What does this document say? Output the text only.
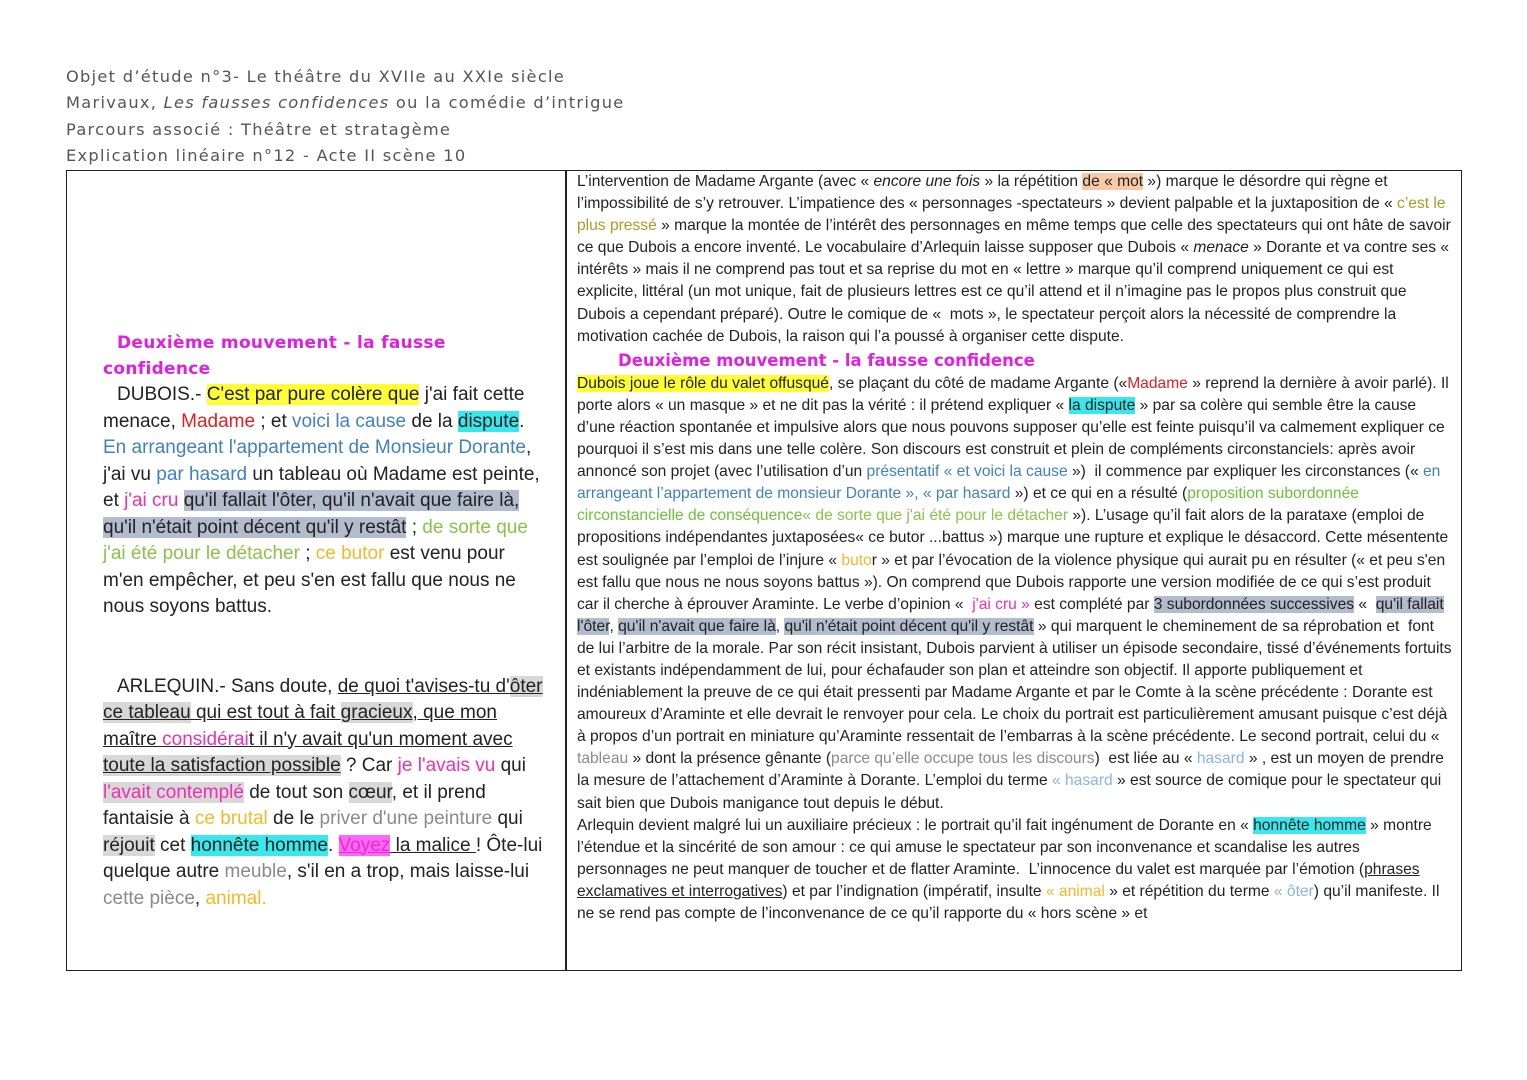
Objet d’étude n°3- Le théâtre du XVIIe au XXIe siècle
Marivaux, Les fausses confidences ou la comédie d’intrigue
Parcours associé : Théâtre et stratagème
Explication linéaire n°12 - Acte II scène 10
Deuxième mouvement - la fausse
confidence
DUBOIS.- C'est par pure colère que j'ai fait cette menace, Madame ; et voici la cause de la dispute. En arrangeant l'appartement de Monsieur Dorante, j'ai vu par hasard un tableau où Madame est peinte, et j'ai cru qu'il fallait l'ôter, qu'il n'avait que faire là, qu'il n'était point décent qu'il y restât ; de sorte que j'ai été pour le détacher ; ce butor est venu pour m'en empêcher, et peu s'en est fallu que nous ne nous soyons battus.
ARLEQUIN.- Sans doute, de quoi t'avises-tu d'ôter ce tableau qui est tout à fait gracieux, que mon maître considérait il n'y avait qu'un moment avec toute la satisfaction possible ? Car je l'avais vu qui l'avait contemplé de tout son cœur, et il prend fantaisie à ce brutal de le priver d'une peinture qui réjouit cet honnête homme. Voyez la malice ! Ôte-lui quelque autre meuble, s'il en a trop, mais laisse-lui cette pièce, animal.

L’intervention de Madame Argante (avec « encore une fois » la répétition de « mot ») marque le désordre qui règne et l’impossibilité de s’y retrouver. L’impatience des « personnages -spectateurs » devient palpable et la juxtaposition de « c’est le plus pressé » marque la montée de l’intérêt des personnages en même temps que celle des spectateurs qui ont hâte de savoir ce que Dubois a encore inventé. Le vocabulaire d’Arlequin laisse supposer que Dubois « menace » Dorante et va contre ses « intérêts » mais il ne comprend pas tout et sa reprise du mot en « lettre » marque qu’il comprend uniquement ce qui est explicite, littéral (un mot unique, fait de plusieurs lettres est ce qu’il attend et il n’imagine pas le propos plus construit que Dubois a cependant préparé). Outre le comique de «  mots », le spectateur perçoit alors la nécessité de comprendre la motivation cachée de Dubois, la raison qui l’a poussé à organiser cette dispute.

Deuxième mouvement - la fausse confidence

Dubois joue le rôle du valet offusqué, se plaçant du côté de madame Argante («Madame » reprend la dernière à avoir parlé). Il porte alors « un masque » et ne dit pas la vérité : il prétend expliquer « la dispute » par sa colère qui semble être la cause d’une réaction spontanée et impulsive alors que nous pouvons supposer qu’elle est feinte puisqu’il va calmement expliquer ce pourquoi il s’est mis dans une telle colère. Son discours est construit et plein de compléments circonstanciels: après avoir annoncé son projet (avec l’utilisation d’un présentatif « et voici la cause »)  il commence par expliquer les circonstances (« en arrangeant l’appartement de monsieur Dorante », « par hasard ») et ce qui en a résulté (proposition subordonnée circonstancielle de conséquence« de sorte que j'ai été pour le détacher »). L’usage qu’il fait alors de la parataxe (emploi de propositions indépendantes juxtaposées« ce butor ...battus ») marque une rupture et explique le désaccord. Cette mésentente est soulignée par l’emploi de l’injure « butor » et par l’évocation de la violence physique qui aurait pu en résulter (« et peu s'en est fallu que nous ne nous soyons battus »). On comprend que Dubois rapporte une version modifiée de ce qui s’est produit car il cherche à éprouver Araminte. Le verbe d’opinion «  j'ai cru » est complété par 3 subordonnées successives «  qu'il fallait l'ôter, qu'il n'avait que faire là, qu'il n'était point décent qu'il y restât » qui marquent le cheminement de sa réprobation et  font de lui l’arbitre de la morale. Par son récit insistant, Dubois parvient à utiliser un épisode secondaire, tissé d’événements fortuits et existants indépendamment de lui, pour échafauder son plan et atteindre son objectif. Il apporte publiquement et indéniablement la preuve de ce qui était pressenti par Madame Argante et par le Comte à la scène précédente : Dorante est amoureux d’Araminte et elle devrait le renvoyer pour cela. Le choix du portrait est particulièrement amusant puisque c’est déjà à propos d’un portrait en miniature qu’Araminte ressentait de l’embarras à la scène précédente. Le second portrait, celui du « tableau » dont la présence gênante (parce qu’elle occupe tous les discours)  est liée au « hasard » , est un moyen de prendre la mesure de l’attachement d’Araminte à Dorante. L’emploi du terme « hasard » est source de comique pour le spectateur qui sait bien que Dubois manigance tout depuis le début.

Arlequin devient malgré lui un auxiliaire précieux : le portrait qu’il fait ingénument de Dorante en « honnête homme » montre l’étendue et la sincérité de son amour : ce qui amuse le spectateur par son inconvenance et scandalise les autres personnages ne peut manquer de toucher et de flatter Araminte.  L’innocence du valet est marquée par l’émotion (phrases exclamatives et interrogatives) et par l’indignation (impératif, insulte « animal » et répétition du terme « ôter) qu’il manifeste. Il ne se rend pas compte de l’inconvenance de ce qu’il rapporte du « hors scène » et
